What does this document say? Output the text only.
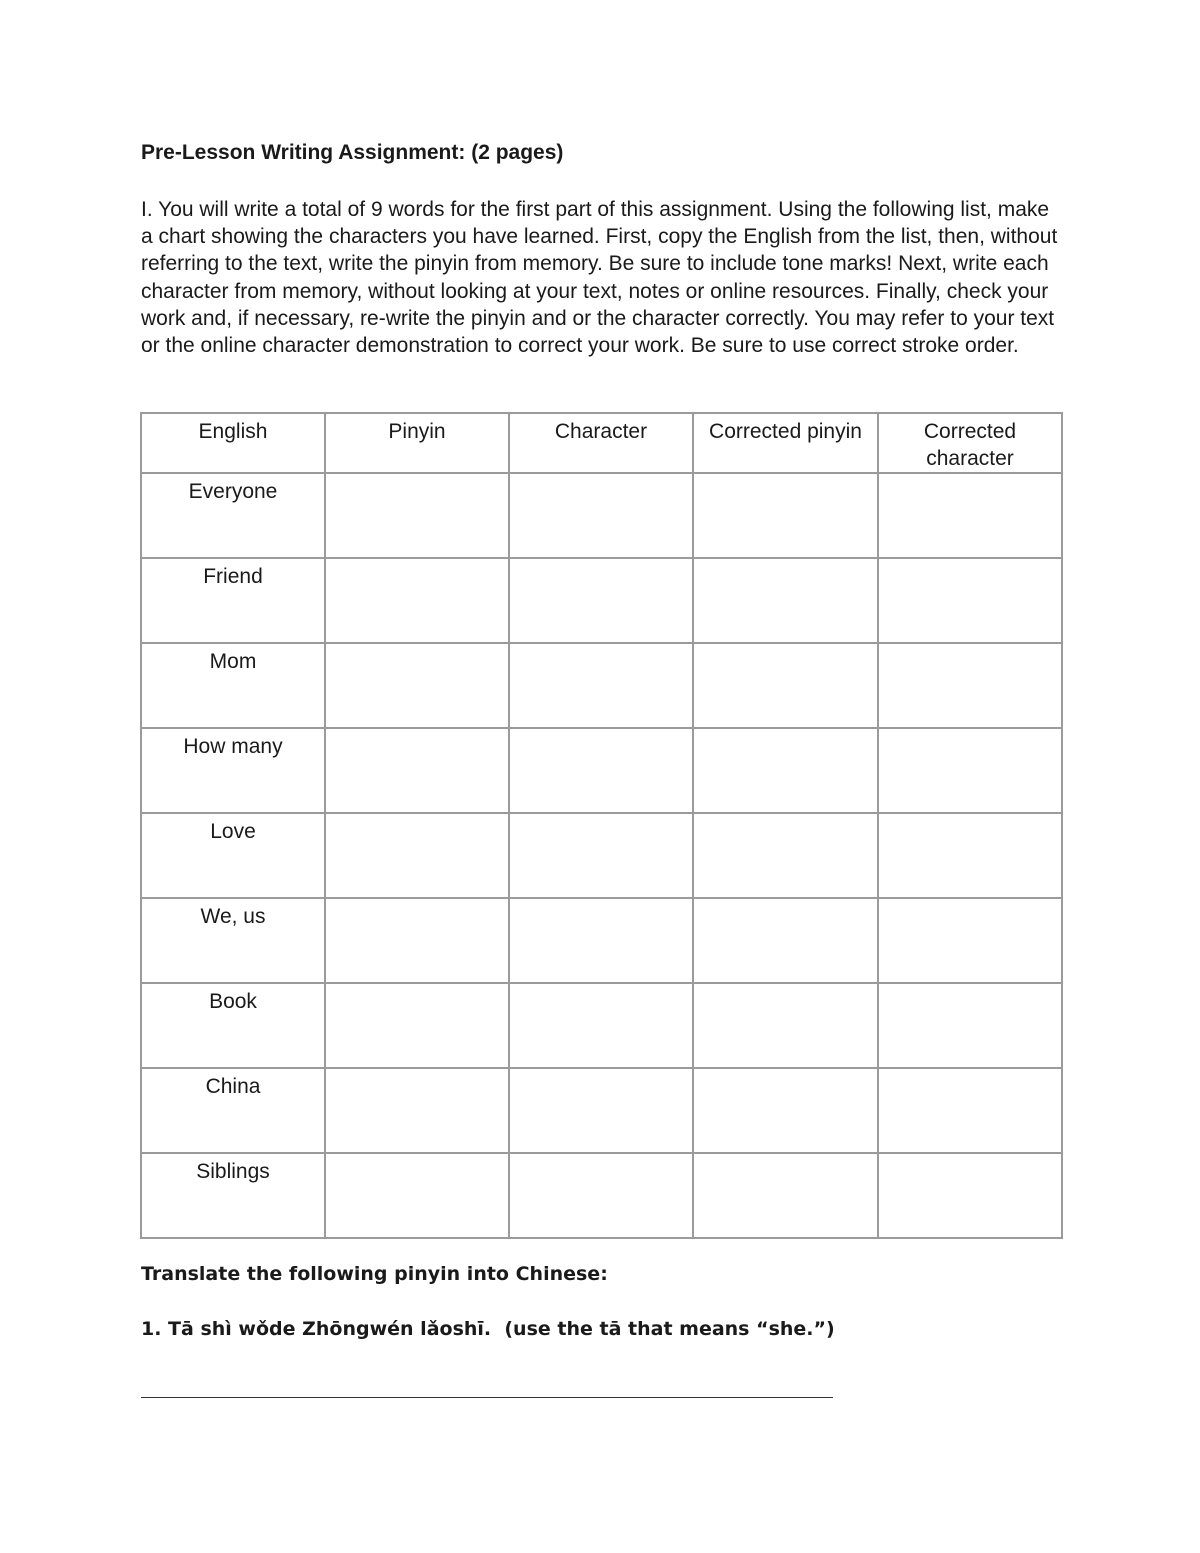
Pre-Lesson Writing Assignment: (2 pages)

I. You will write a total of 9 words for the first part of this assignment. Using the following list, make a chart showing the characters you have learned. First, copy the English from the list, then, without referring to the text, write the pinyin from memory. Be sure to include tone marks! Next, write each character from memory, without looking at your text, notes or online resources. Finally, check your work and, if necessary, re-write the pinyin and or the character correctly. You may refer to your text or the online character demonstration to correct your work. Be sure to use correct stroke order.

English	Pinyin	Character	Corrected pinyin	Corrected character
Everyone				
Friend				
Mom				
How many				
Love				
We, us				
Book				
China				
Siblings				

Translate the following pinyin into Chinese:

1. Tā shì wǒde Zhōngwén lǎoshī.  (use the tā that means “she.”)
